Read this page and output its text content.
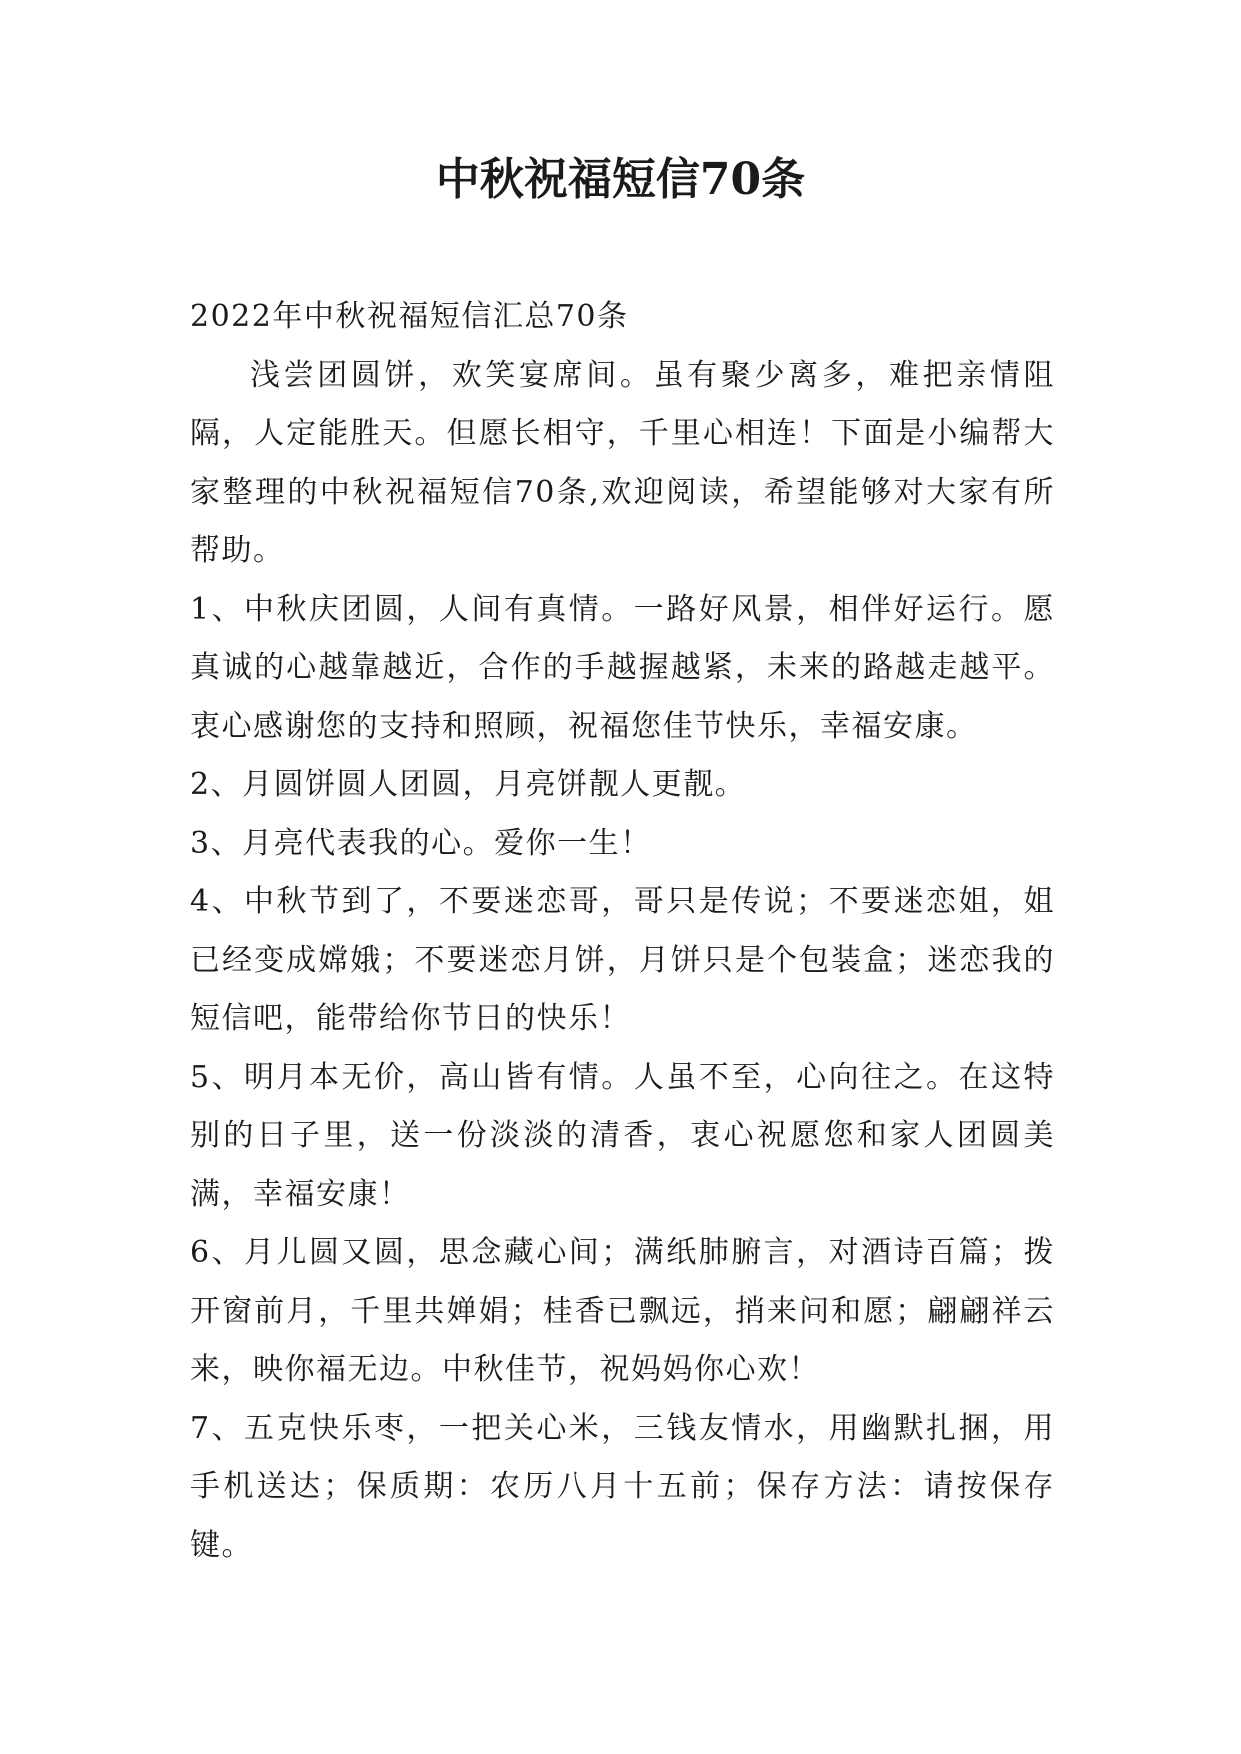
中秋祝福短信70条

2022年中秋祝福短信汇总70条

浅尝团圆饼，欢笑宴席间。虽有聚少离多，难把亲情阻隔，人定能胜天。但愿长相守，千里心相连！下面是小编帮大家整理的中秋祝福短信70条,欢迎阅读，希望能够对大家有所帮助。

1、中秋庆团圆，人间有真情。一路好风景，相伴好运行。愿真诚的心越靠越近，合作的手越握越紧，未来的路越走越平。衷心感谢您的支持和照顾，祝福您佳节快乐，幸福安康。

2、月圆饼圆人团圆，月亮饼靓人更靓。

3、月亮代表我的心。爱你一生！

4、中秋节到了，不要迷恋哥，哥只是传说；不要迷恋姐，姐已经变成嫦娥；不要迷恋月饼，月饼只是个包装盒；迷恋我的短信吧，能带给你节日的快乐！

5、明月本无价，高山皆有情。人虽不至，心向往之。在这特别的日子里，送一份淡淡的清香，衷心祝愿您和家人团圆美满，幸福安康！

6、月儿圆又圆，思念藏心间；满纸肺腑言，对酒诗百篇；拨开窗前月，千里共婵娟；桂香已飘远，捎来问和愿；翩翩祥云来，映你福无边。中秋佳节，祝妈妈你心欢！

7、五克快乐枣，一把关心米，三钱友情水，用幽默扎捆，用手机送达；保质期：农历八月十五前；保存方法：请按保存键。
